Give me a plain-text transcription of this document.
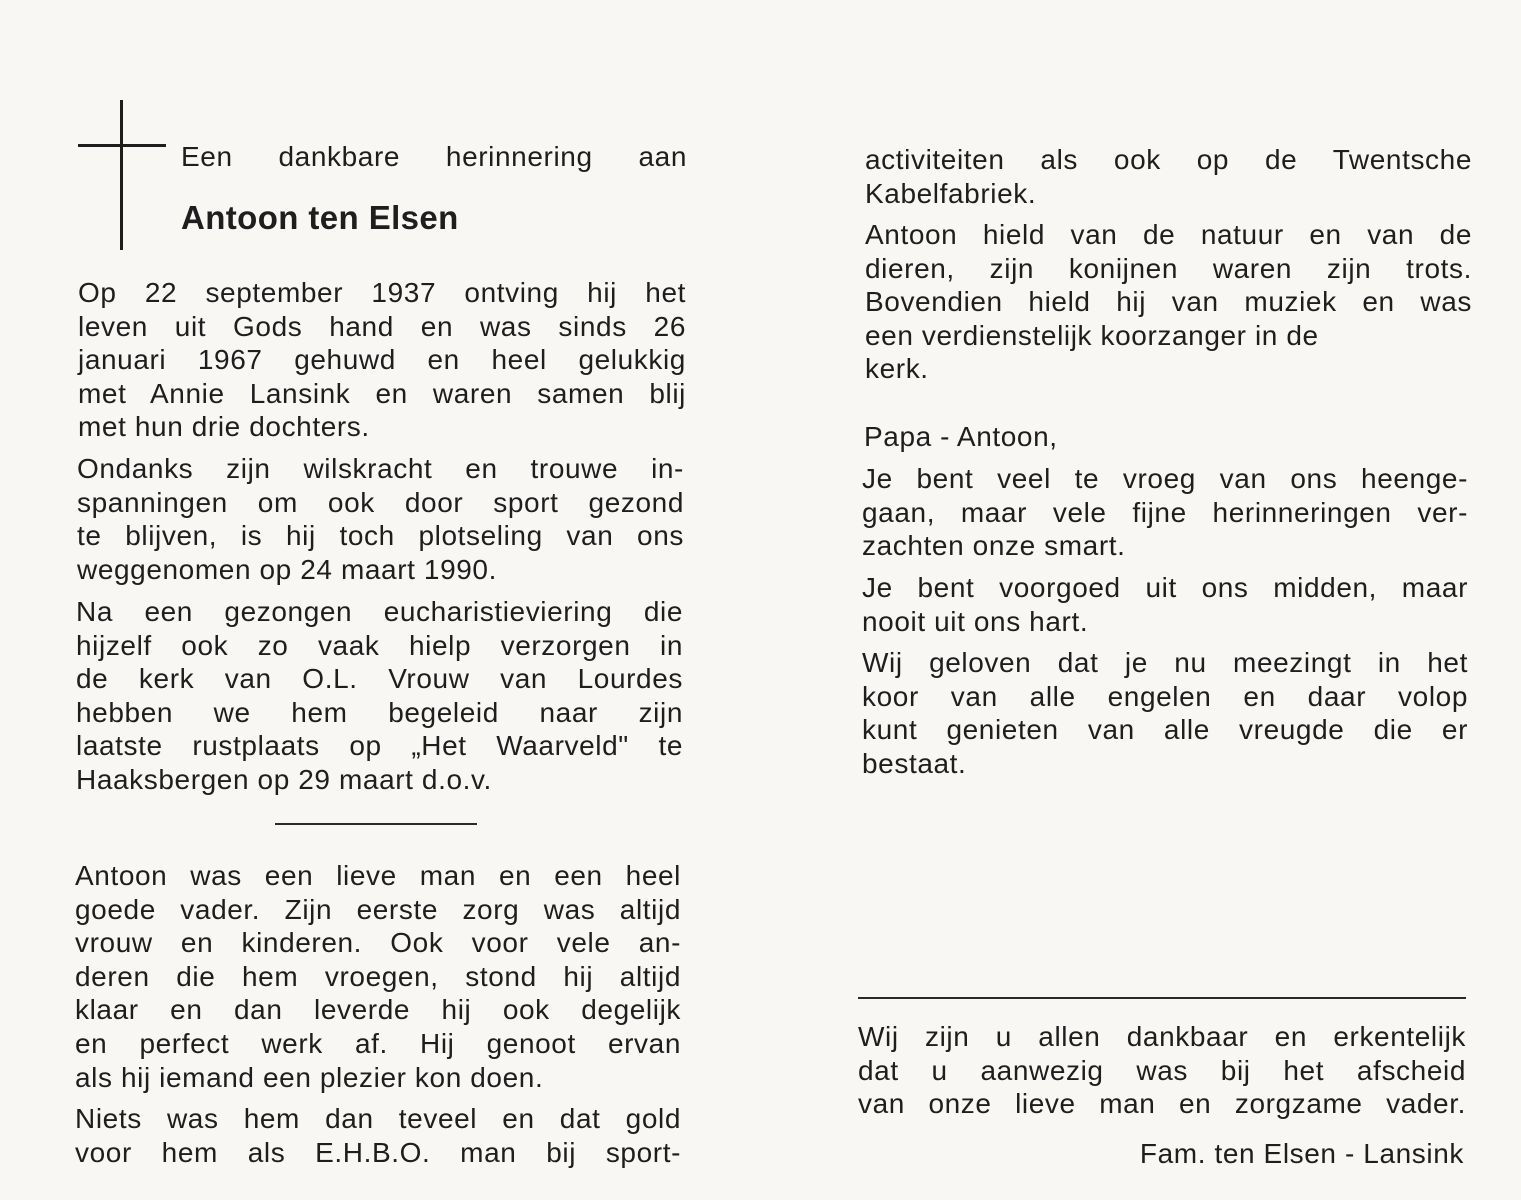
Een dankbare herinnering aan
Antoon ten Elsen
Op 22 september 1937 ontving hij het
leven uit Gods hand en was sinds 26
januari 1967 gehuwd en heel gelukkig
met Annie Lansink en waren samen blij
met hun drie dochters.
Ondanks zijn wilskracht en trouwe in-
spanningen om ook door sport gezond
te blijven, is hij toch plotseling van ons
weggenomen op 24 maart 1990.
Na een gezongen eucharistieviering die
hijzelf ook zo vaak hielp verzorgen in
de kerk van O.L. Vrouw van Lourdes
hebben we hem begeleid naar zijn
laatste rustplaats op „Het Waarveld" te
Haaksbergen op 29 maart d.o.v.
Antoon was een lieve man en een heel
goede vader. Zijn eerste zorg was altijd
vrouw en kinderen. Ook voor vele an-
deren die hem vroegen, stond hij altijd
klaar en dan leverde hij ook degelijk
en perfect werk af. Hij genoot ervan
als hij iemand een plezier kon doen.
Niets was hem dan teveel en dat gold
voor hem als E.H.B.O. man bij sport-
activiteiten als ook op de Twentsche
Kabelfabriek.
Antoon hield van de natuur en van de
dieren, zijn konijnen waren zijn trots.
Bovendien hield hij van muziek en was
een verdienstelijk koorzanger in de
kerk.
Papa - Antoon,
Je bent veel te vroeg van ons heenge-
gaan, maar vele fijne herinneringen ver-
zachten onze smart.
Je bent voorgoed uit ons midden, maar
nooit uit ons hart.
Wij geloven dat je nu meezingt in het
koor van alle engelen en daar volop
kunt genieten van alle vreugde die er
bestaat.
Wij zijn u allen dankbaar en erkentelijk
dat u aanwezig was bij het afscheid
van onze lieve man en zorgzame vader.
Fam. ten Elsen - Lansink
